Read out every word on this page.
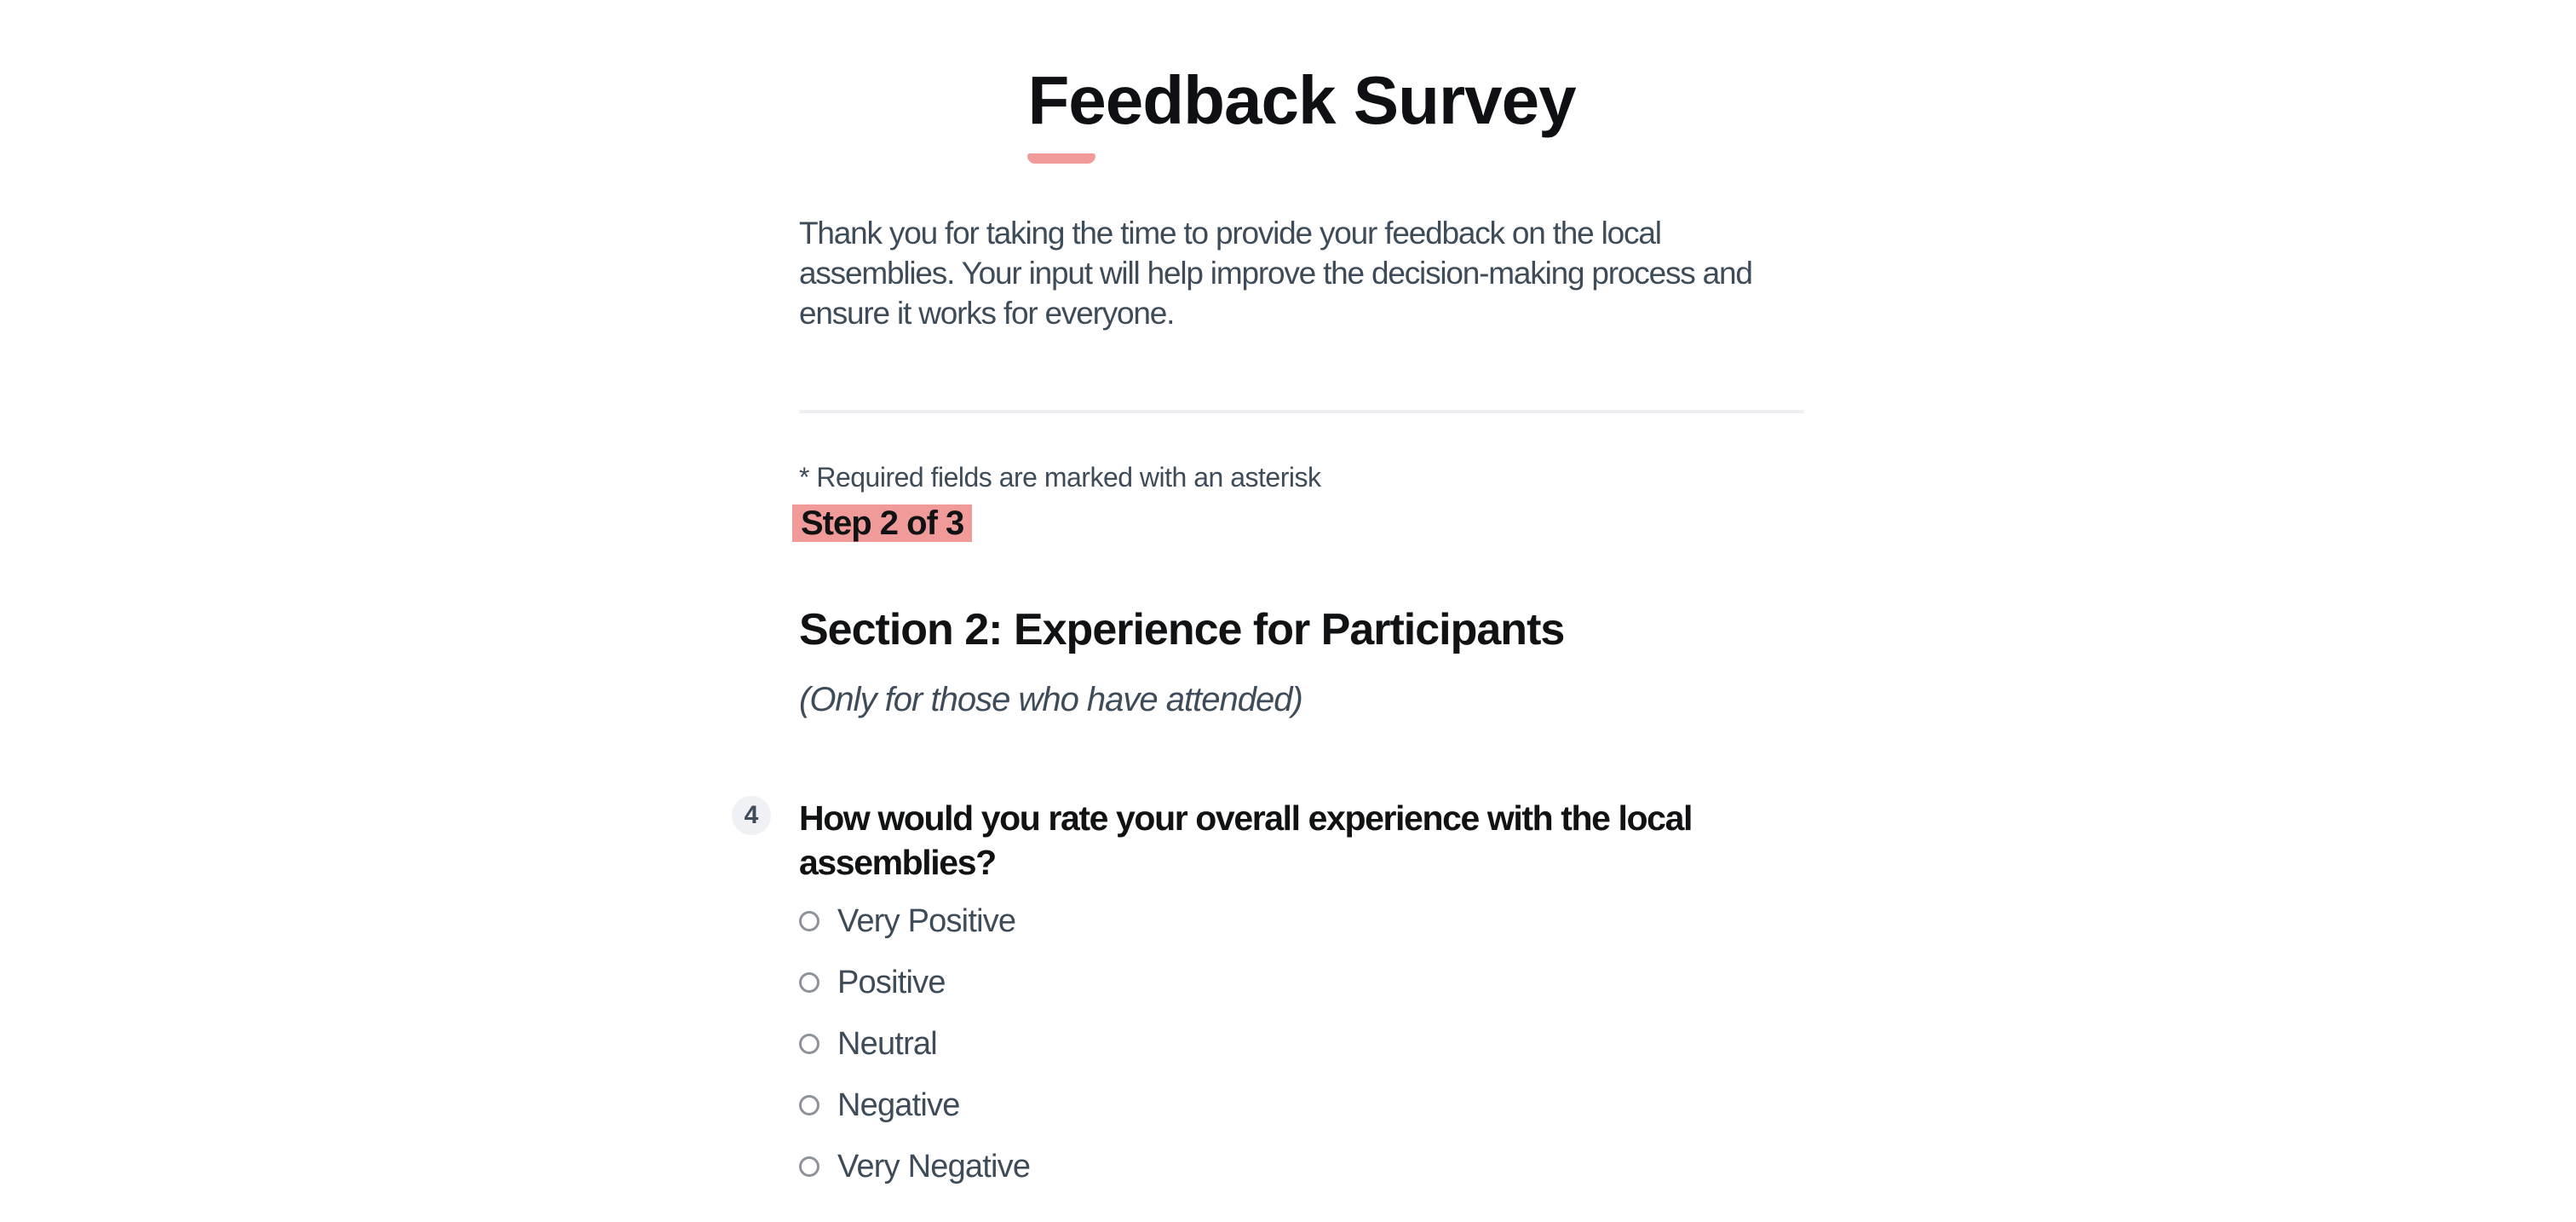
Feedback Survey

Thank you for taking the time to provide your feedback on the local assemblies. Your input will help improve the decision-making process and ensure it works for everyone.

* Required fields are marked with an asterisk
Step 2 of 3
Section 2: Experience for Participants
(Only for those who have attended)
4	How would you rate your overall experience with the local assemblies?
Very Positive
Positive
Neutral
Negative
Very Negative
